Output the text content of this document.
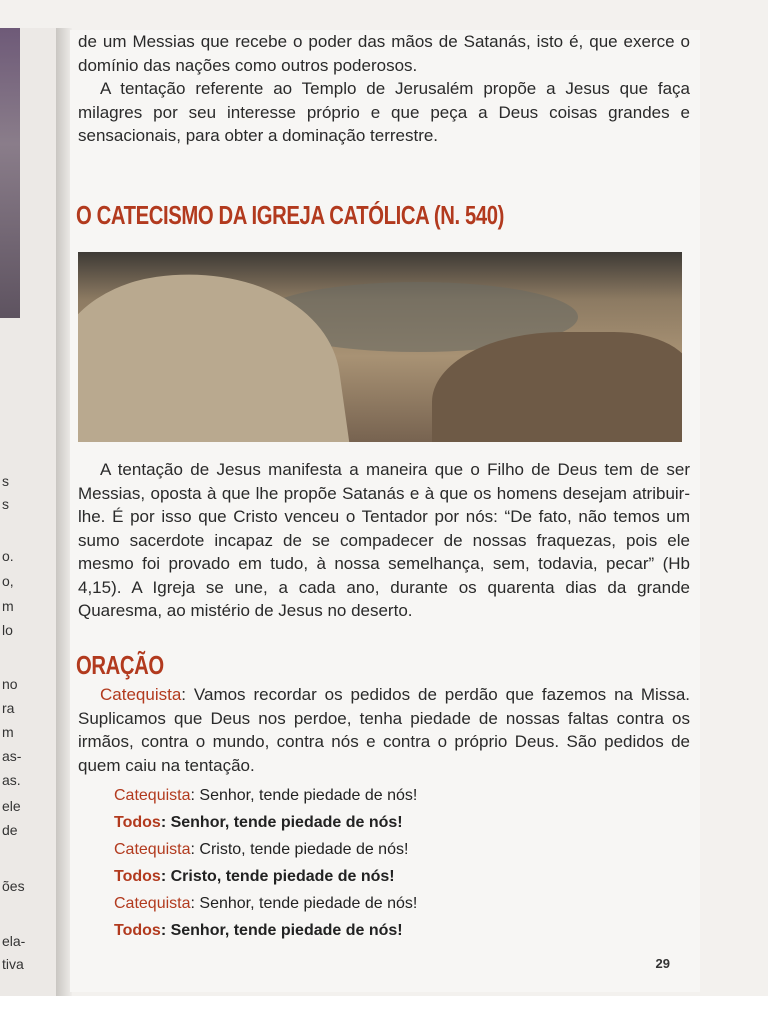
s
s
o.
o,
m
lo
no
ra
m
as-
as.
ele
de
ões
ela-
tiva

de um Messias que recebe o poder das mãos de Satanás, isto é, que exerce o domínio das nações como outros poderosos.

A tentação referente ao Templo de Jerusalém propõe a Jesus que faça milagres por seu interesse próprio e que peça a Deus coisas grandes e sensacionais, para obter a dominação terrestre.

O CATECISMO DA IGREJA CATÓLICA (N. 540)

A tentação de Jesus manifesta a maneira que o Filho de Deus tem de ser Messias, oposta à que lhe propõe Satanás e à que os homens desejam atribuir-lhe. É por isso que Cristo venceu o Tentador por nós: “De fato, não temos um sumo sacerdote incapaz de se compadecer de nossas fraquezas, pois ele mesmo foi provado em tudo, à nossa semelhança, sem, todavia, pecar” (Hb 4,15). A Igreja se une, a cada ano, durante os quarenta dias da grande Quaresma, ao mistério de Jesus no deserto.

ORAÇÃO

Catequista: Vamos recordar os pedidos de perdão que fazemos na Missa. Suplicamos que Deus nos perdoe, tenha piedade de nossas faltas contra os irmãos, contra o mundo, contra nós e contra o próprio Deus. São pedidos de quem caiu na tentação.

Catequista: Senhor, tende piedade de nós!
Todos: Senhor, tende piedade de nós!
Catequista: Cristo, tende piedade de nós!
Todos: Cristo, tende piedade de nós!
Catequista: Senhor, tende piedade de nós!
Todos: Senhor, tende piedade de nós!
29
